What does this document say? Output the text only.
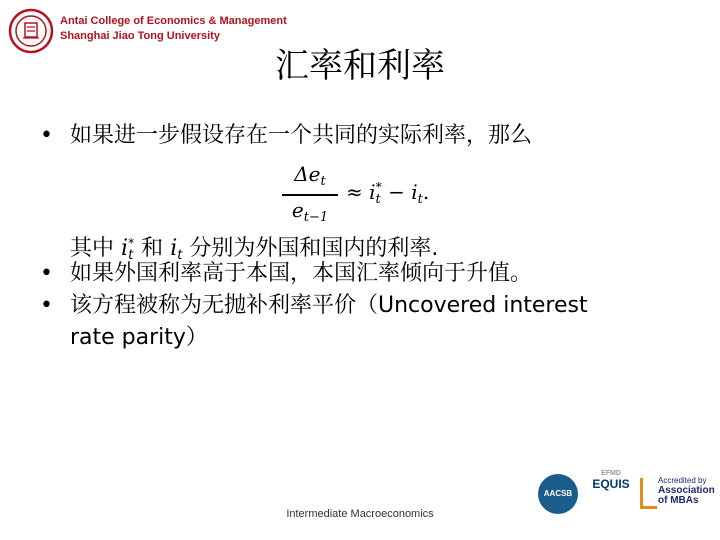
Antai College of Economics & Management
Shanghai Jiao Tong University
汇率和利率
• 如果进一步假设存在一个共同的实际利率，那么
$\Delta e_t$
$e_{t-1}$
≈ $i_t^* - i_t$.
其中 $i_t^*$ 和 $i_t$ 分别为外国和国内的利率.
• 如果外国利率高于本国，本国汇率倾向于升值。
• 该方程被称为无抛补利率平价（Uncovered interest
rate parity）
AACSB
EFMD
EQUIS	Accredited by
Association of MBAs
Intermediate Macroeconomics
